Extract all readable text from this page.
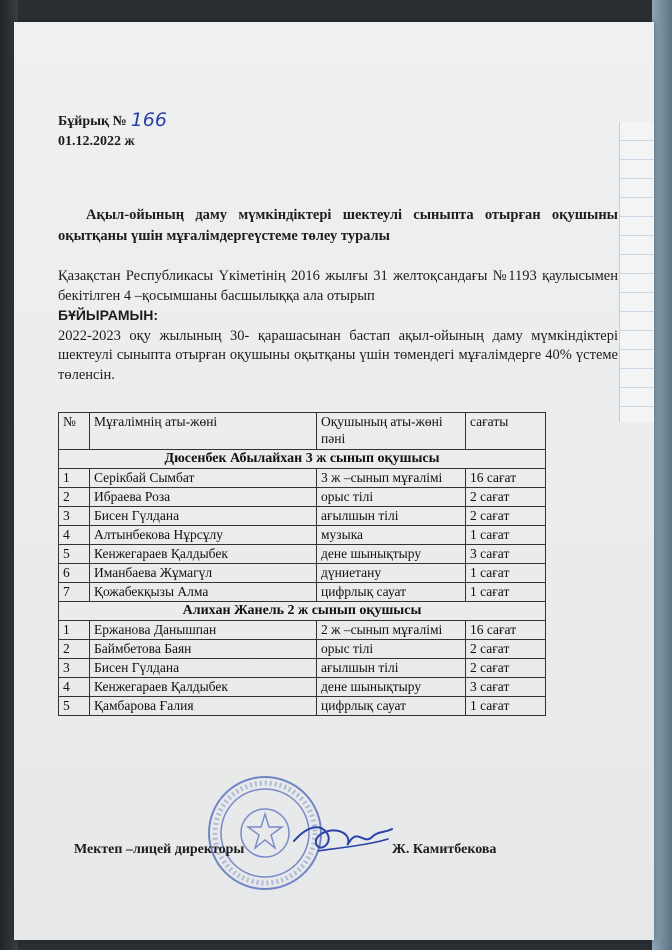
Бұйрық № 166
01.12.2022 ж
Ақыл-ойының даму мүмкіндіктері шектеулі сыныпта отырған оқушыны оқытқаны үшін мұғалімдергеүстеме төлеу туралы

Қазақстан Республикасы Үкіметінің 2016 жылғы 31 желтоқсандағы №1193 қаулысымен бекітілген 4 –қосымшаны басшылыққа ала отырып

БҰЙЫРАМЫН:

2022-2023 оқу жылының 30- қарашасынан бастап ақыл-ойының даму мүмкіндіктері шектеулі сыныпта отырған оқушыны оқытқаны үшін төмендегі мұғалімдерге 40% үстеме төленсін.

№	Мұғалімнің аты-жөні	Оқушының аты-жөні пәні	сағаты
Дюсенбек Абылайхан 3 ж сынып оқушысы			
1	Серікбай Сымбат	3 ж –сынып мұғалімі	16 сағат
2	Ибраева Роза	орыс тілі	2 сағат
3	Бисен Гүлдана	ағылшын тілі	2 сағат
4	Алтынбекова Нұрсұлу	музыка	1 сағат
5	Кенжегараев Қалдыбек	дене шынықтыру	3 сағат
6	Иманбаева Жұмагүл	дүниетану	1 сағат
7	Қожабекқызы Алма	цифрлық сауат	1 сағат
Алихан Жанель 2 ж сынып оқушысы			
1	Ержанова Данышпан	2 ж –сынып мұғалімі	16 сағат
2	Баймбетова Баян	орыс тілі	2 сағат
3	Бисен Гүлдана	ағылшын тілі	2 сағат
4	Кенжегараев Қалдыбек	дене шынықтыру	3 сағат
5	Қамбарова Ғалия	цифрлық сауат	1 сағат
Мектеп –лицей директоры	Ж. Камитбекова
